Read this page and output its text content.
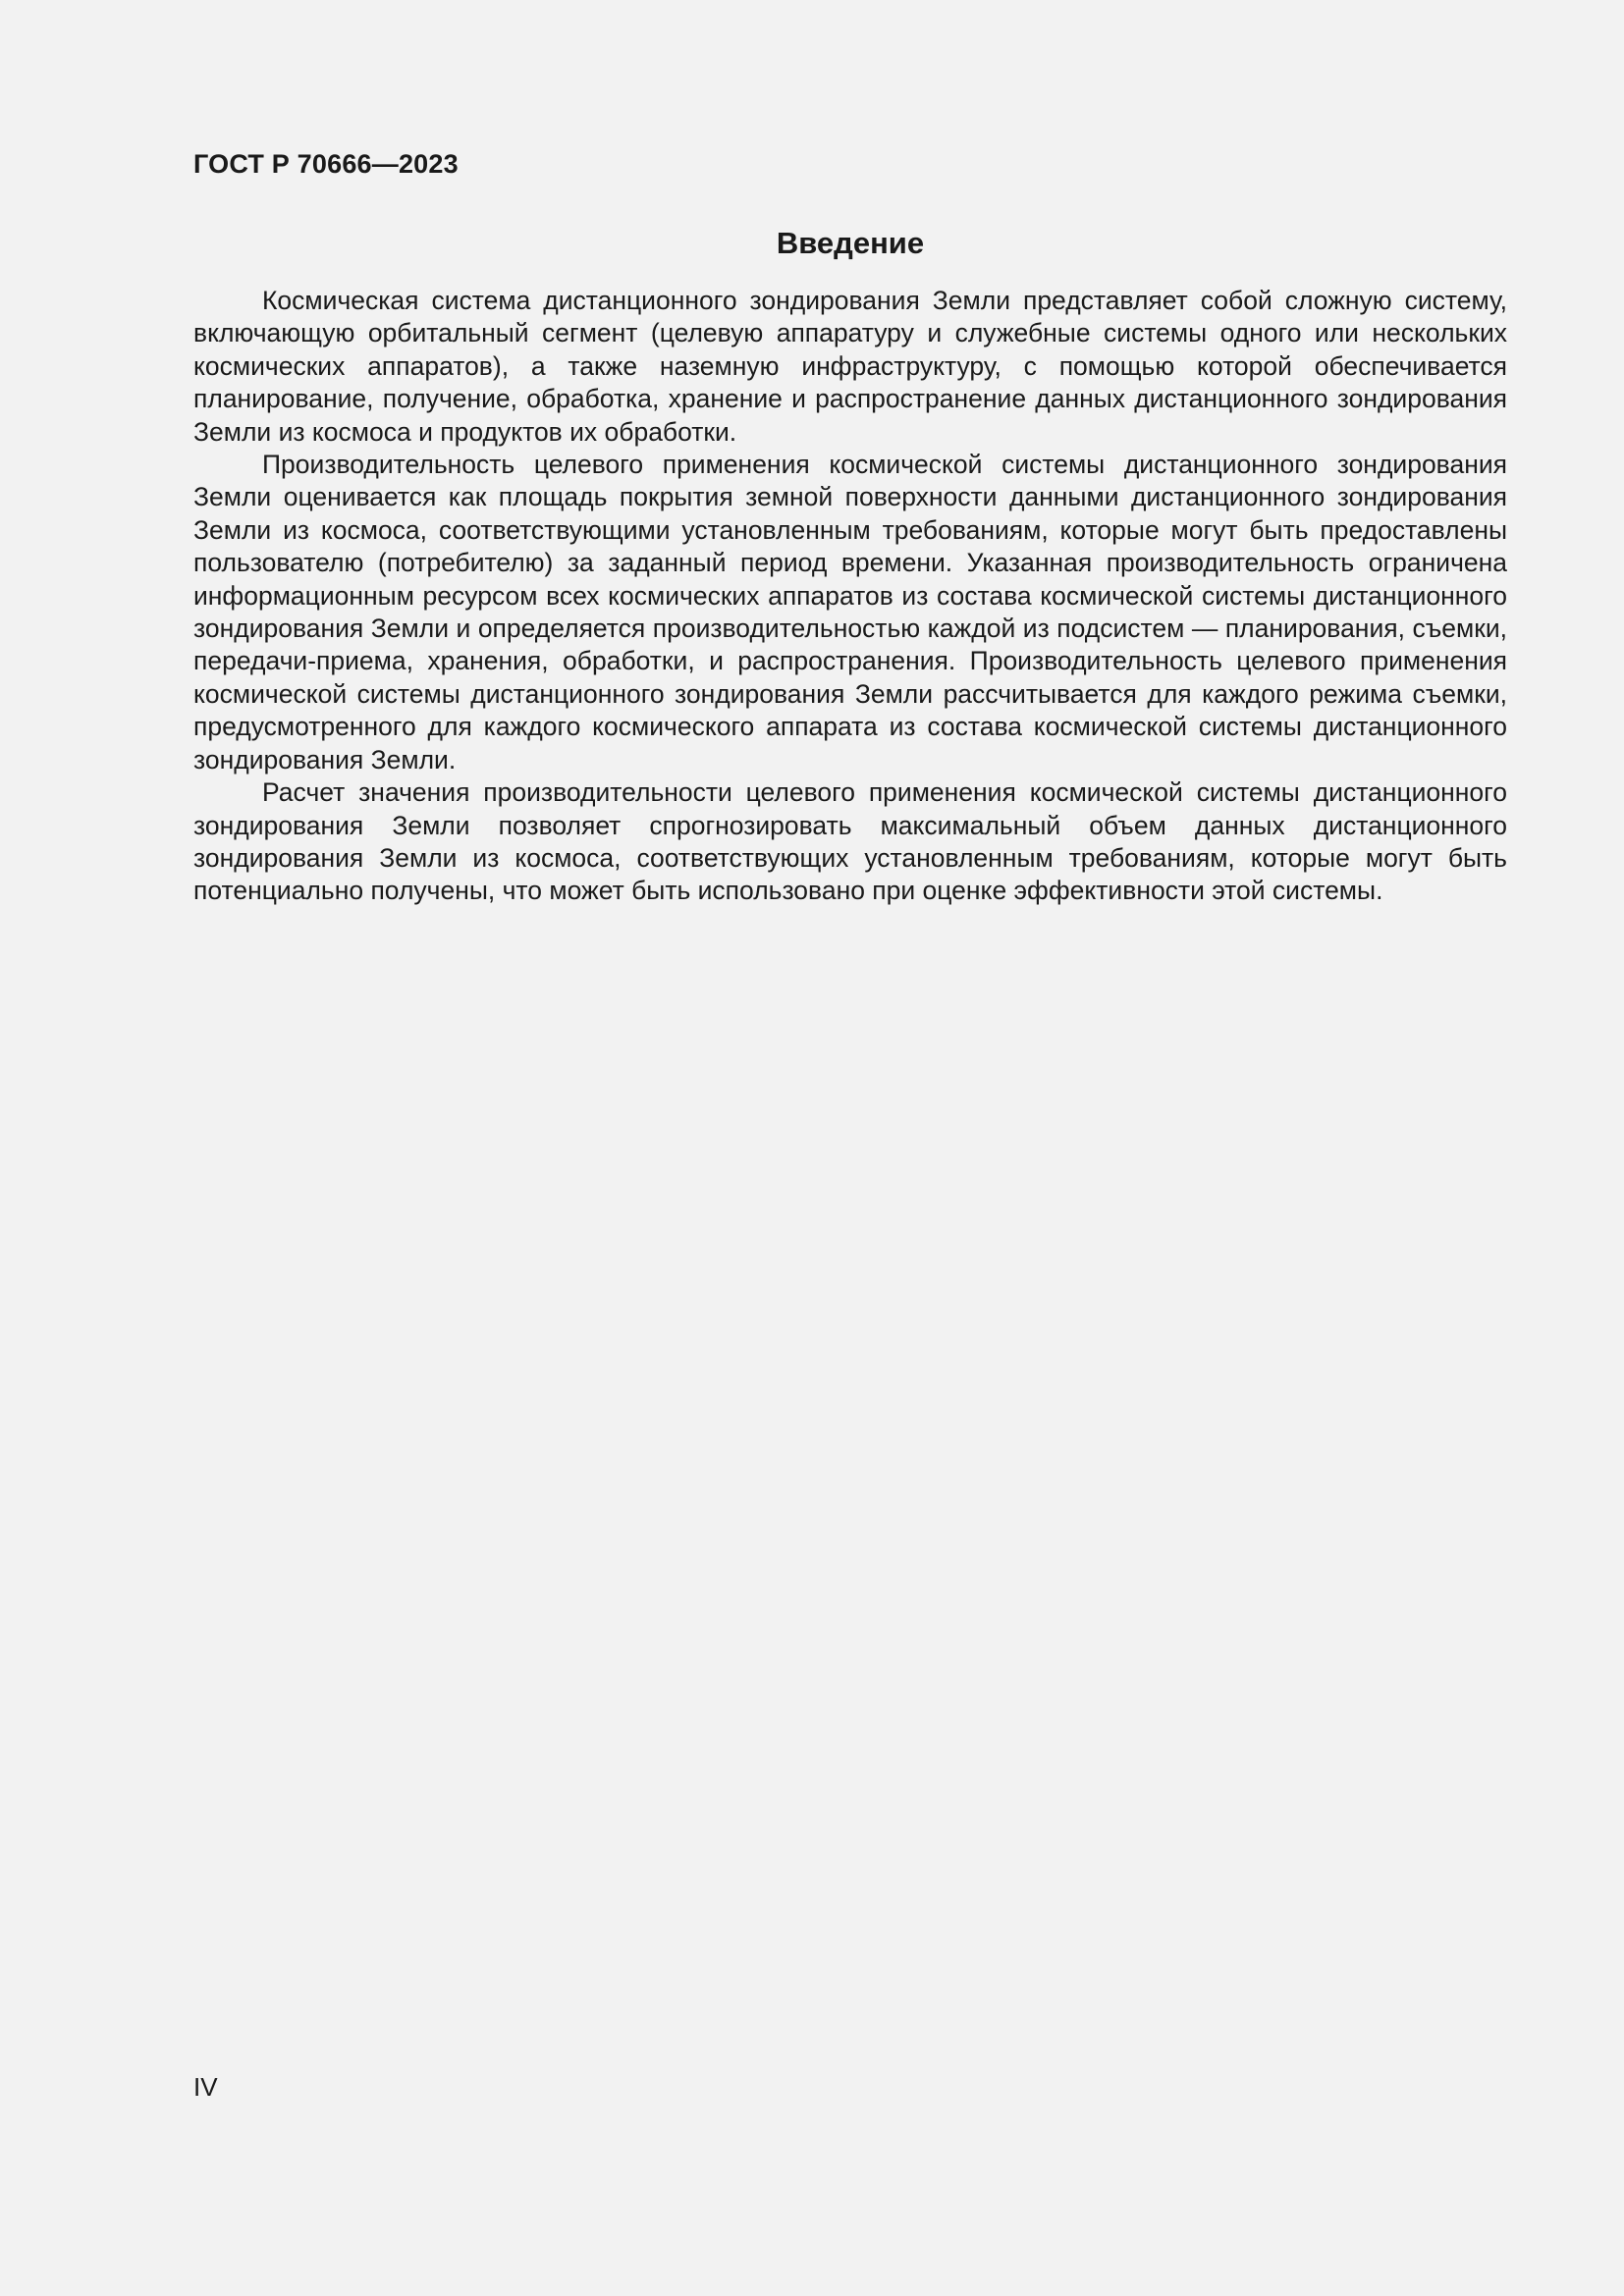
ГОСТ Р 70666—2023
Введение

Космическая система дистанционного зондирования Земли представляет собой сложную систему, включающую орбитальный сегмент (целевую аппаратуру и служебные системы одного или нескольких космических аппаратов), а также наземную инфраструктуру, с помощью которой обеспечивается планирование, получение, обработка, хранение и распространение данных дистанционного зондирования Земли из космоса и продуктов их обработки.

Производительность целевого применения космической системы дистанционного зондирования Земли оценивается как площадь покрытия земной поверхности данными дистанционного зондирования Земли из космоса, соответствующими установленным требованиям, которые могут быть предоставлены пользователю (потребителю) за заданный период времени. Указанная производительность ограничена информационным ресурсом всех космических аппаратов из состава космической системы дистанционного зондирования Земли и определяется производительностью каждой из подсистем — планирования, съемки, передачи-приема, хранения, обработки, и распространения. Производительность целевого применения космической системы дистанционного зондирования Земли рассчитывается для каждого режима съемки, предусмотренного для каждого космического аппарата из состава космической системы дистанционного зондирования Земли.

Расчет значения производительности целевого применения космической системы дистанционного зондирования Земли позволяет спрогнозировать максимальный объем данных дистанционного зондирования Земли из космоса, соответствующих установленным требованиям, которые могут быть потенциально получены, что может быть использовано при оценке эффективности этой системы.

IV
